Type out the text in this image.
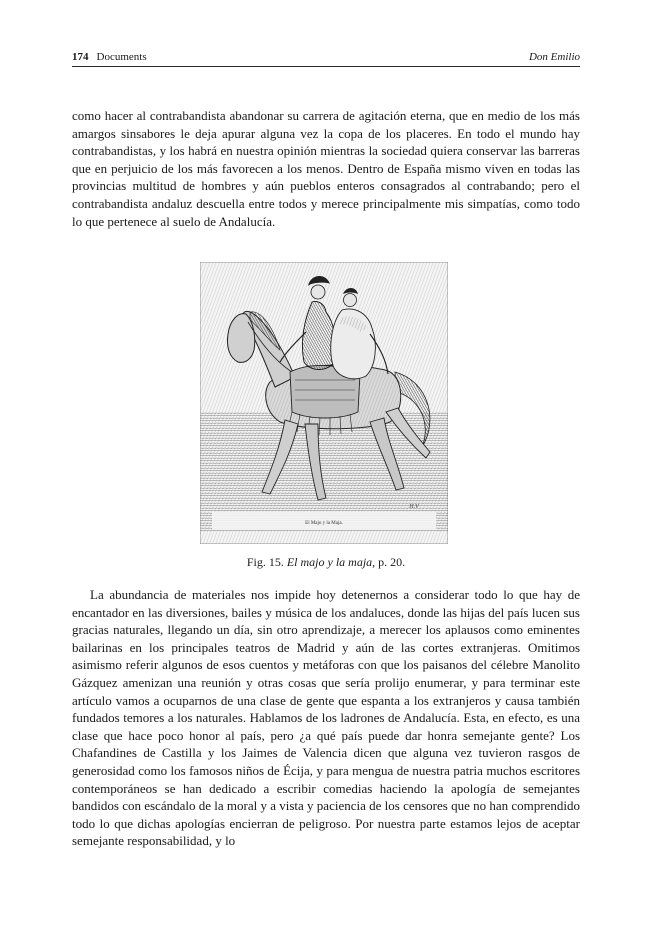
174 Documents	Don Emilio

como hacer al contrabandista abandonar su carrera de agitación eterna, que en medio de los más amargos sinsabores le deja apurar alguna vez la copa de los placeres. En todo el mundo hay contrabandistas, y los habrá en nuestra opinión mientras la sociedad quiera conservar las barreras que en perjuicio de los más favorecen a los menos. Dentro de España mismo viven en todas las provincias multitud de hombres y aún pueblos enteros consagrados al contrabando; pero el contrabandista andaluz descuella entre todos y merece principalmente mis simpatías, como todo lo que pertenece al suelo de Andalucía.

El Majo y la Maja.
H.V
Fig. 15. El majo y la maja, p. 20.

La abundancia de materiales nos impide hoy detenernos a considerar todo lo que hay de encantador en las diversiones, bailes y música de los andaluces, donde las hijas del país lucen sus gracias naturales, llegando un día, sin otro aprendizaje, a merecer los aplausos como eminentes bailarinas en los principales teatros de Madrid y aún de las cortes extranjeras. Omitimos asimismo referir algunos de esos cuentos y metáforas con que los paisanos del célebre Manolito Gázquez amenizan una reunión y otras cosas que sería prolijo enumerar, y para terminar este artículo vamos a ocuparnos de una clase de gente que espanta a los extranjeros y causa también fundados temores a los naturales. Hablamos de los ladrones de Andalucía. Esta, en efecto, es una clase que hace poco honor al país, pero ¿a qué país puede dar honra semejante gente? Los Chafandines de Castilla y los Jaimes de Valencia dicen que alguna vez tuvieron rasgos de generosidad como los famosos niños de Écija, y para mengua de nuestra patria muchos escritores contemporáneos se han dedicado a escribir comedias haciendo la apología de semejantes bandidos con escándalo de la moral y a vista y paciencia de los censores que no han comprendido todo lo que dichas apologías encierran de peligroso. Por nuestra parte estamos lejos de aceptar semejante responsabilidad, y lo
